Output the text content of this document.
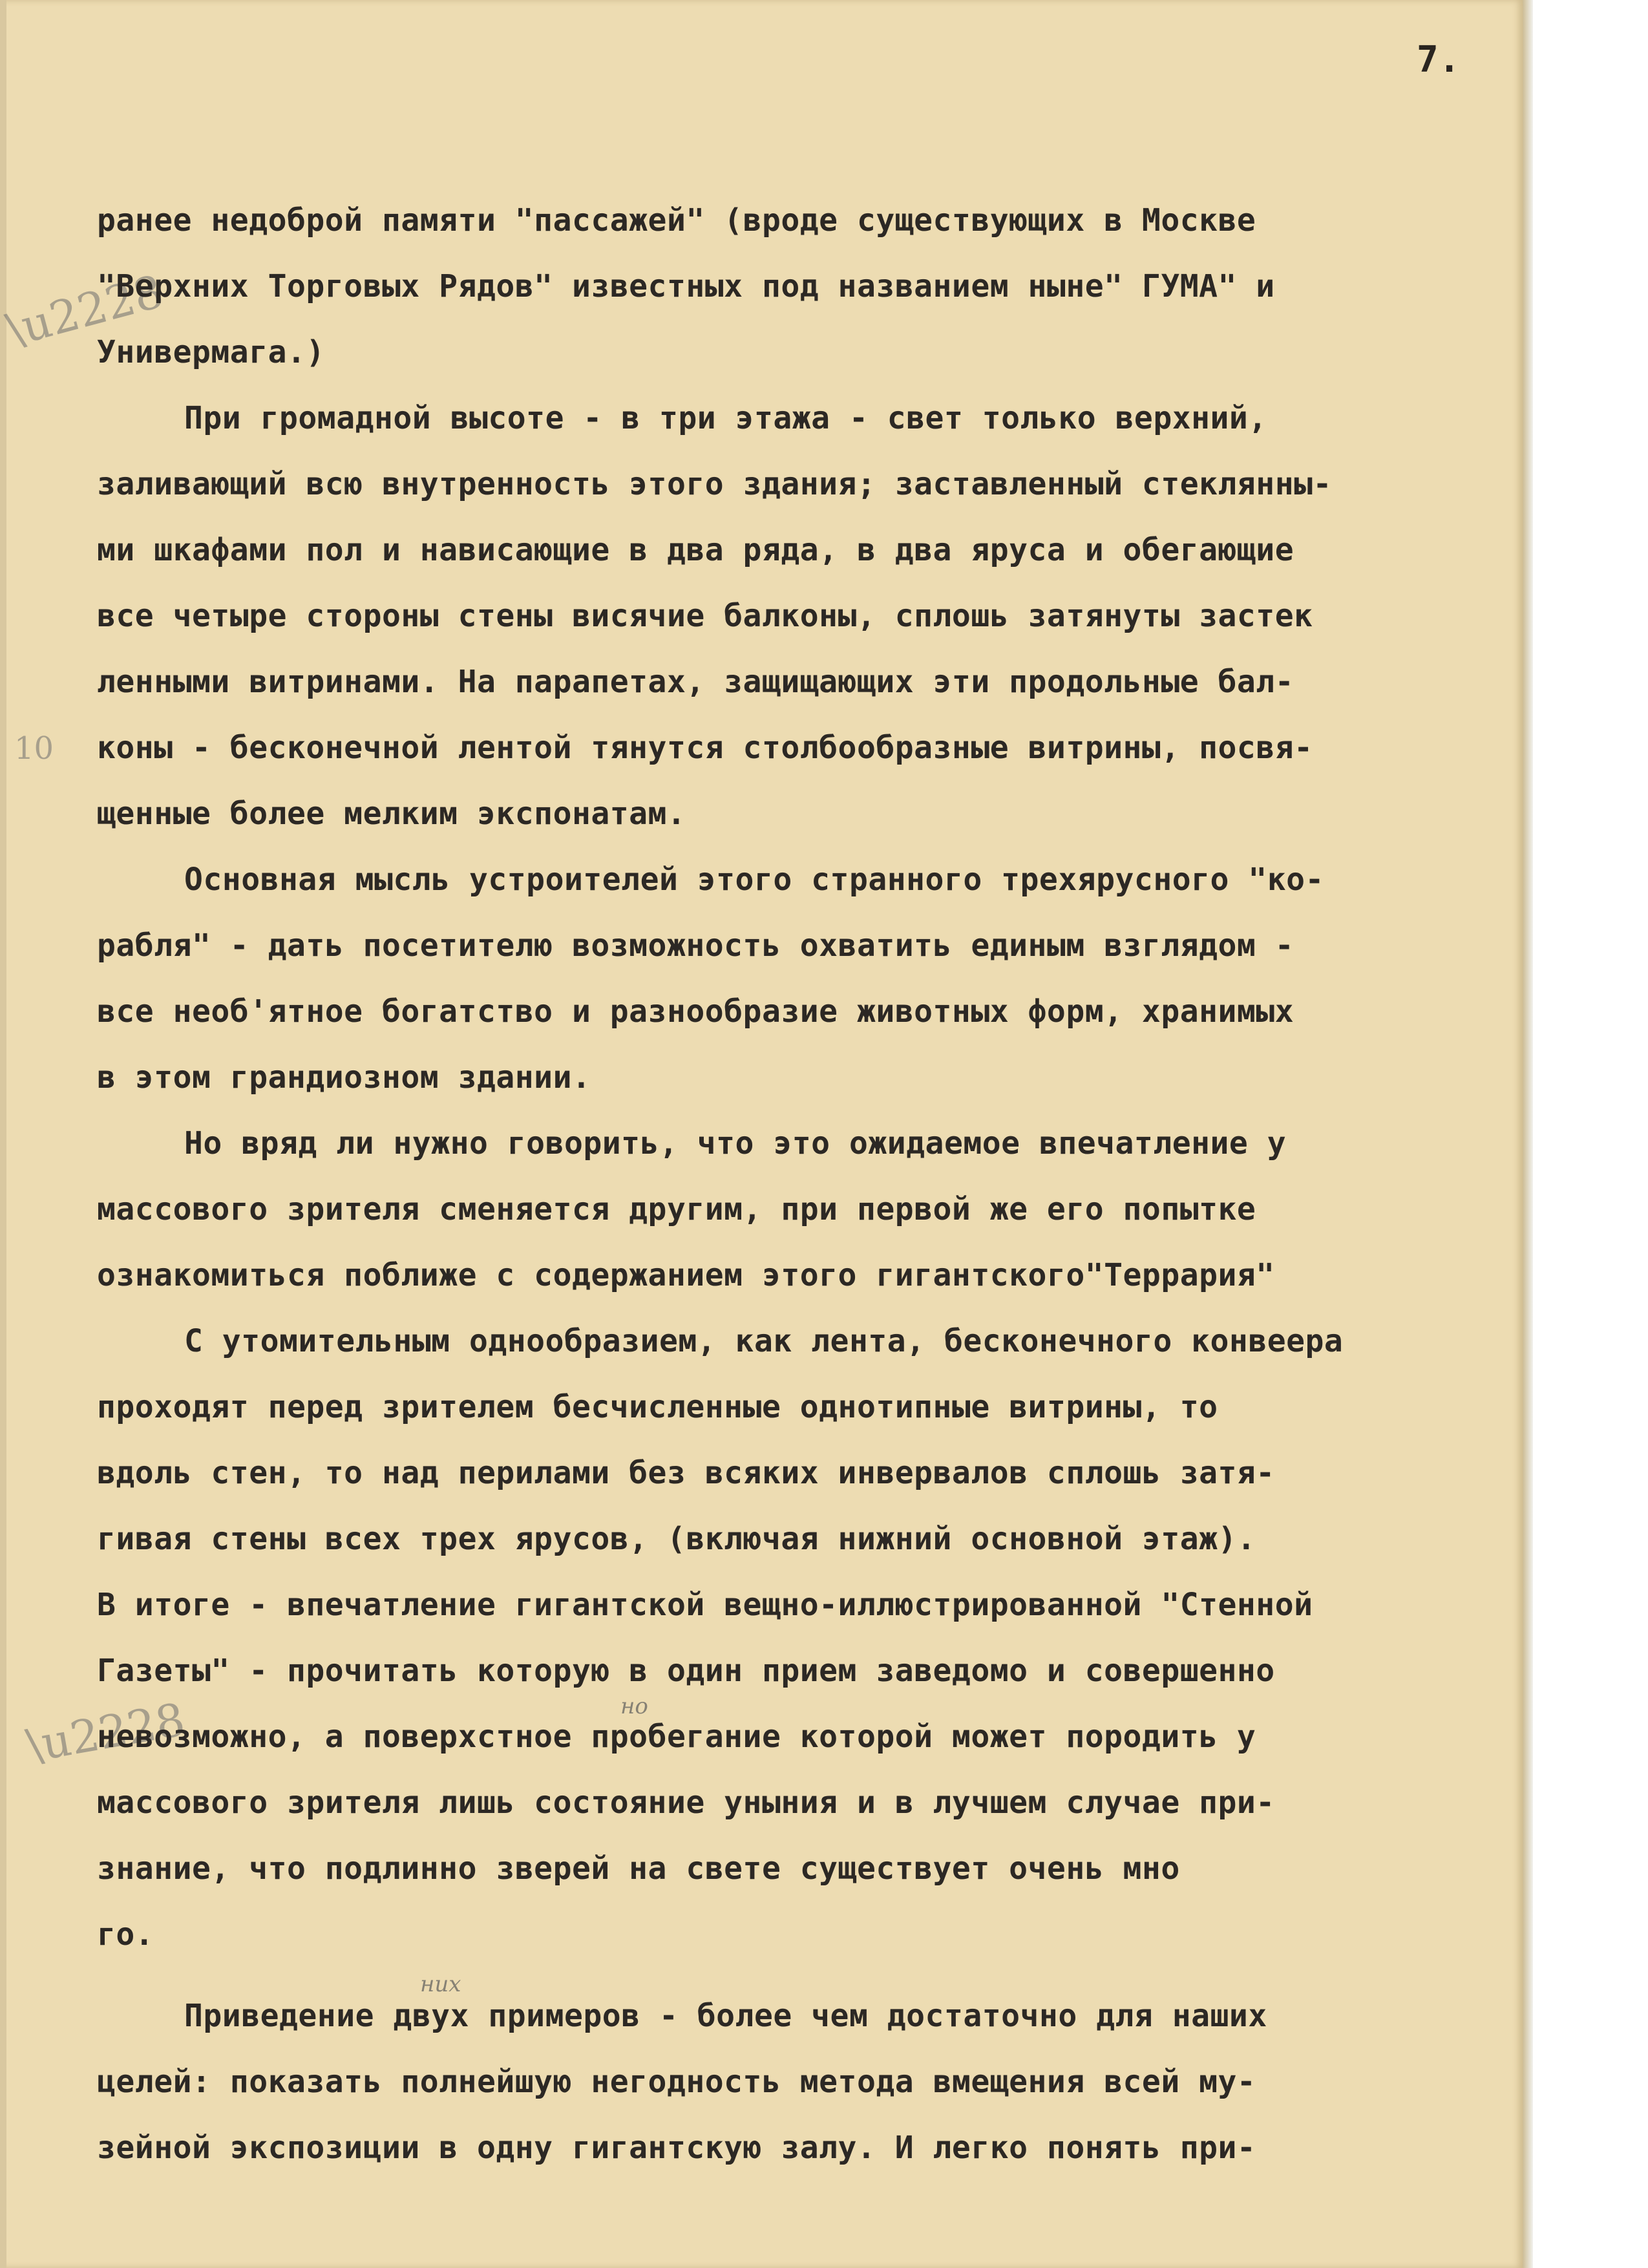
7.
\u2228
10
\u2228	но
них
ранее недоброй памяти "пассажей" (вроде существующих в Москве
"Верхних Торговых Рядов" известных под названием ныне" ГУМА" и
Универмага.)
При громадной высоте - в три этажа - свет только верхний,
заливающий всю внутренность этого здания; заставленный стеклянны-
ми шкафами пол и нависающие в два ряда, в два яруса и обегающие
все четыре стороны стены висячие балконы, сплошь затянуты застек
ленными витринами. На парапетах, защищающих эти продольные бал-
коны - бесконечной лентой тянутся столбообразные витрины, посвя-
щенные более мелким экспонатам.
Основная мысль устроителей этого странного трехярусного "ко-
рабля" - дать посетителю возможность охватить единым взглядом -
все необ'ятное богатство и разнообразие животных форм, хранимых
в этом грандиозном здании.
Но вряд ли нужно говорить, что это ожидаемое впечатление у
массового зрителя сменяется другим, при первой же его попытке
ознакомиться поближе с содержанием этого гигантского"Террария"
С утомительным однообразием, как лента, бесконечного конвеера
проходят перед зрителем бесчисленные однотипные витрины, то
вдоль стен, то над перилами без всяких инвервалов сплошь затя-
гивая стены всех трех ярусов, (включая нижний основной этаж).
В итоге - впечатление гигантской вещно-иллюстрированной "Стенной
Газеты" - прочитать которую в один прием заведомо и совершенно
невозможно, а поверхстное пробегание которой может породить у
массового зрителя лишь состояние уныния и в лучшем случае при-
знание, что подлинно зверей на свете существует очень мно
го.
Приведение двух примеров - более чем достаточно для наших
целей: показать полнейшую негодность метода вмещения всей му-
зейной экспозиции в одну гигантскую залу. И легко понять при-
